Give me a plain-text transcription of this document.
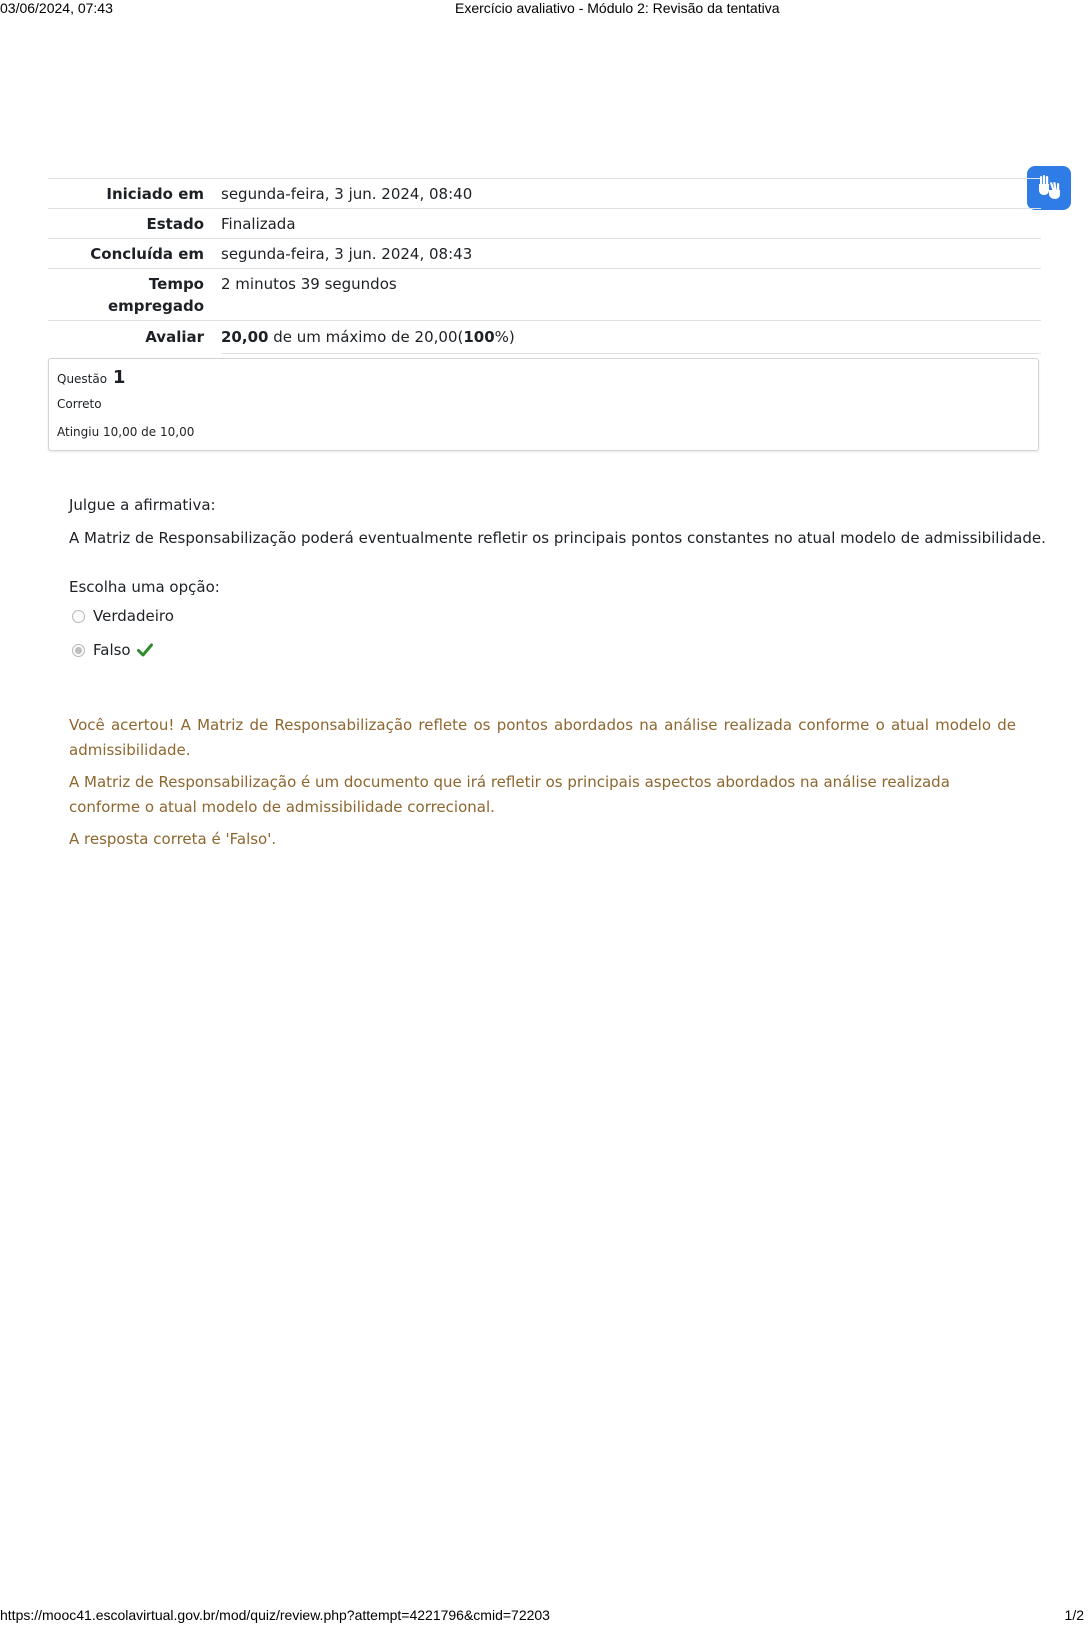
03/06/2024, 07:43	Exercício avaliativo - Módulo 2: Revisão da tentativa
Iniciado em	segunda-feira, 3 jun. 2024, 08:40
Estado	Finalizada
Concluída em	segunda-feira, 3 jun. 2024, 08:43
Tempo
empregado	2 minutos 39 segundos
Avaliar	20,00 de um máximo de 20,00(100%)
Questão 1
Correto
Atingiu 10,00 de 10,00
Julgue a afirmativa:
A Matriz de Responsabilização poderá eventualmente refletir os principais pontos constantes no atual modelo de admissibilidade.
Escolha uma opção:
Verdadeiro
Falso

Você acertou! A Matriz de Responsabilização reflete os pontos abordados na análise realizada conforme o atual modelo de admissibilidade.

A Matriz de Responsabilização é um documento que irá refletir os principais aspectos abordados na análise realizada conforme o atual modelo de admissibilidade correcional.

A resposta correta é 'Falso'.

https://mooc41.escolavirtual.gov.br/mod/quiz/review.php?attempt=4221796&cmid=72203	1/2
